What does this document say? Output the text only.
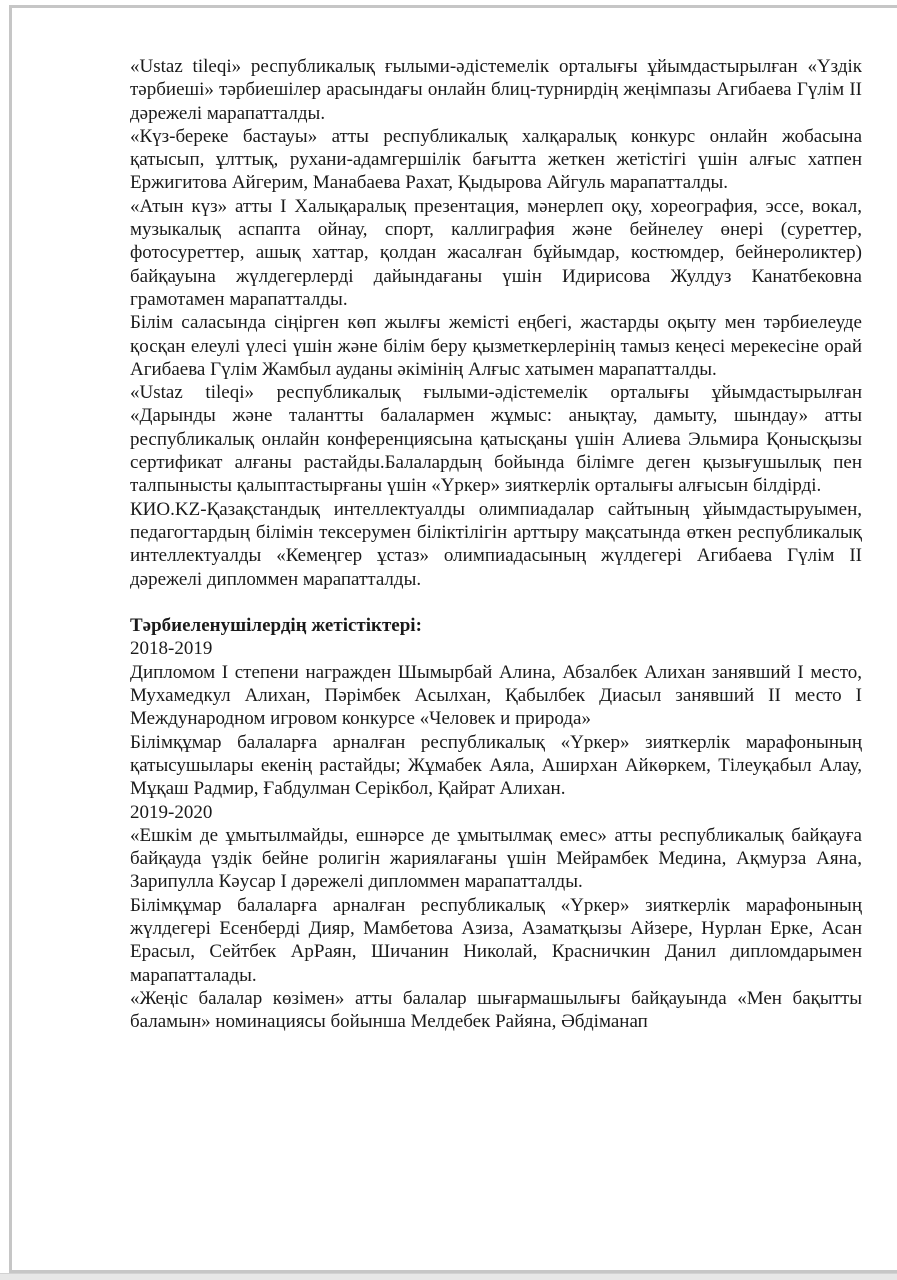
«Ustaz tileqi» республикалық ғылыми-әдістемелік орталығы ұйымдастырылған «Үздік тәрбиеші» тәрбиешілер арасындағы онлайн блиц-турнирдің жеңімпазы Агибаева Гүлім II дәрежелі марапатталды.

«Күз-береке бастауы» атты республикалық халқаралық конкурс онлайн жобасына қатысып, ұлттық, рухани-адамгершілік бағытта жеткен жетістігі үшін алғыс хатпен Ержигитова Айгерим, Манабаева Рахат, Қыдырова Айгуль марапатталды.

«Атын күз» атты I Халықаралық презентация, мәнерлеп оқу, хореография, эссе, вокал, музыкалық аспапта ойнау, спорт, каллиграфия және бейнелеу өнері (суреттер, фотосуреттер, ашық хаттар, қолдан жасалған бұйымдар, костюмдер, бейнероликтер) байқауына жүлдегерлерді дайындағаны үшін Идирисова Жулдуз Канатбековна грамотамен марапатталды.

Білім саласында сіңірген көп жылғы жемісті еңбегі, жастарды оқыту мен тәрбиелеуде қосқан елеулі үлесі үшін және білім беру қызметкерлерінің тамыз кеңесі мерекесіне орай Агибаева Гүлім Жамбыл ауданы әкімінің Алғыс хатымен марапатталды.

«Ustaz tileqi» республикалық ғылыми-әдістемелік орталығы ұйымдастырылған «Дарынды және талантты балалармен жұмыс: анықтау, дамыту, шындау» атты республикалық онлайн конференциясына қатысқаны үшін Алиева Эльмира Қонысқызы сертификат алғаны растайды.Балалардың бойында білімге деген қызығушылық пен талпынысты қалыптастырғаны үшін «Үркер» зияткерлік орталығы алғысын білдірді.

КИО.KZ-Қазақстандық интеллектуалды олимпиадалар сайтының ұйымдастыруымен, педагогтардың білімін тексерумен біліктілігін арттыру мақсатында өткен республикалық интеллектуалды «Кемеңгер ұстаз» олимпиадасының жүлдегері Агибаева Гүлім II дәрежелі дипломмен марапатталды.

Тәрбиеленушілердің жетістіктері:

2018-2019

Дипломом I степени награжден Шымырбай Алина, Абзалбек Алихан занявший I место, Мухамедкул Алихан, Пәрімбек Асылхан, Қабылбек Диасыл занявший II место I Международном игровом конкурсе «Человек и природа»

Білімқұмар балаларға арналған республикалық «Үркер» зияткерлік марафонының қатысушылары екенің растайды; Жұмабек Аяла, Аширхан Айкөркем, Тілеуқабыл Алау, Мұқаш Радмир, Ғабдулман Серікбол, Қайрат Алихан.

2019-2020

«Ешкім де ұмытылмайды, ешнәрсе де ұмытылмақ емес» атты республикалық байқауға байқауда үздік бейне ролигін жариялағаны үшін Мейрамбек Медина, Ақмурза Аяна, Зарипулла Кәусар I дәрежелі дипломмен марапатталды.

Білімқұмар балаларға арналған республикалық «Үркер» зияткерлік марафонының жүлдегері Есенберді Дияр, Мамбетова Азиза, Азаматқызы Айзере, Нурлан Ерке, Асан Ерасыл, Сейтбек АрРаян, Шичанин Николай, Красничкин Данил дипломдарымен марапатталады.

«Жеңіс балалар көзімен» атты балалар шығармашылығы байқауында «Мен бақытты баламын» номинациясы бойынша Мелдебек Райяна, Әбдіманап
